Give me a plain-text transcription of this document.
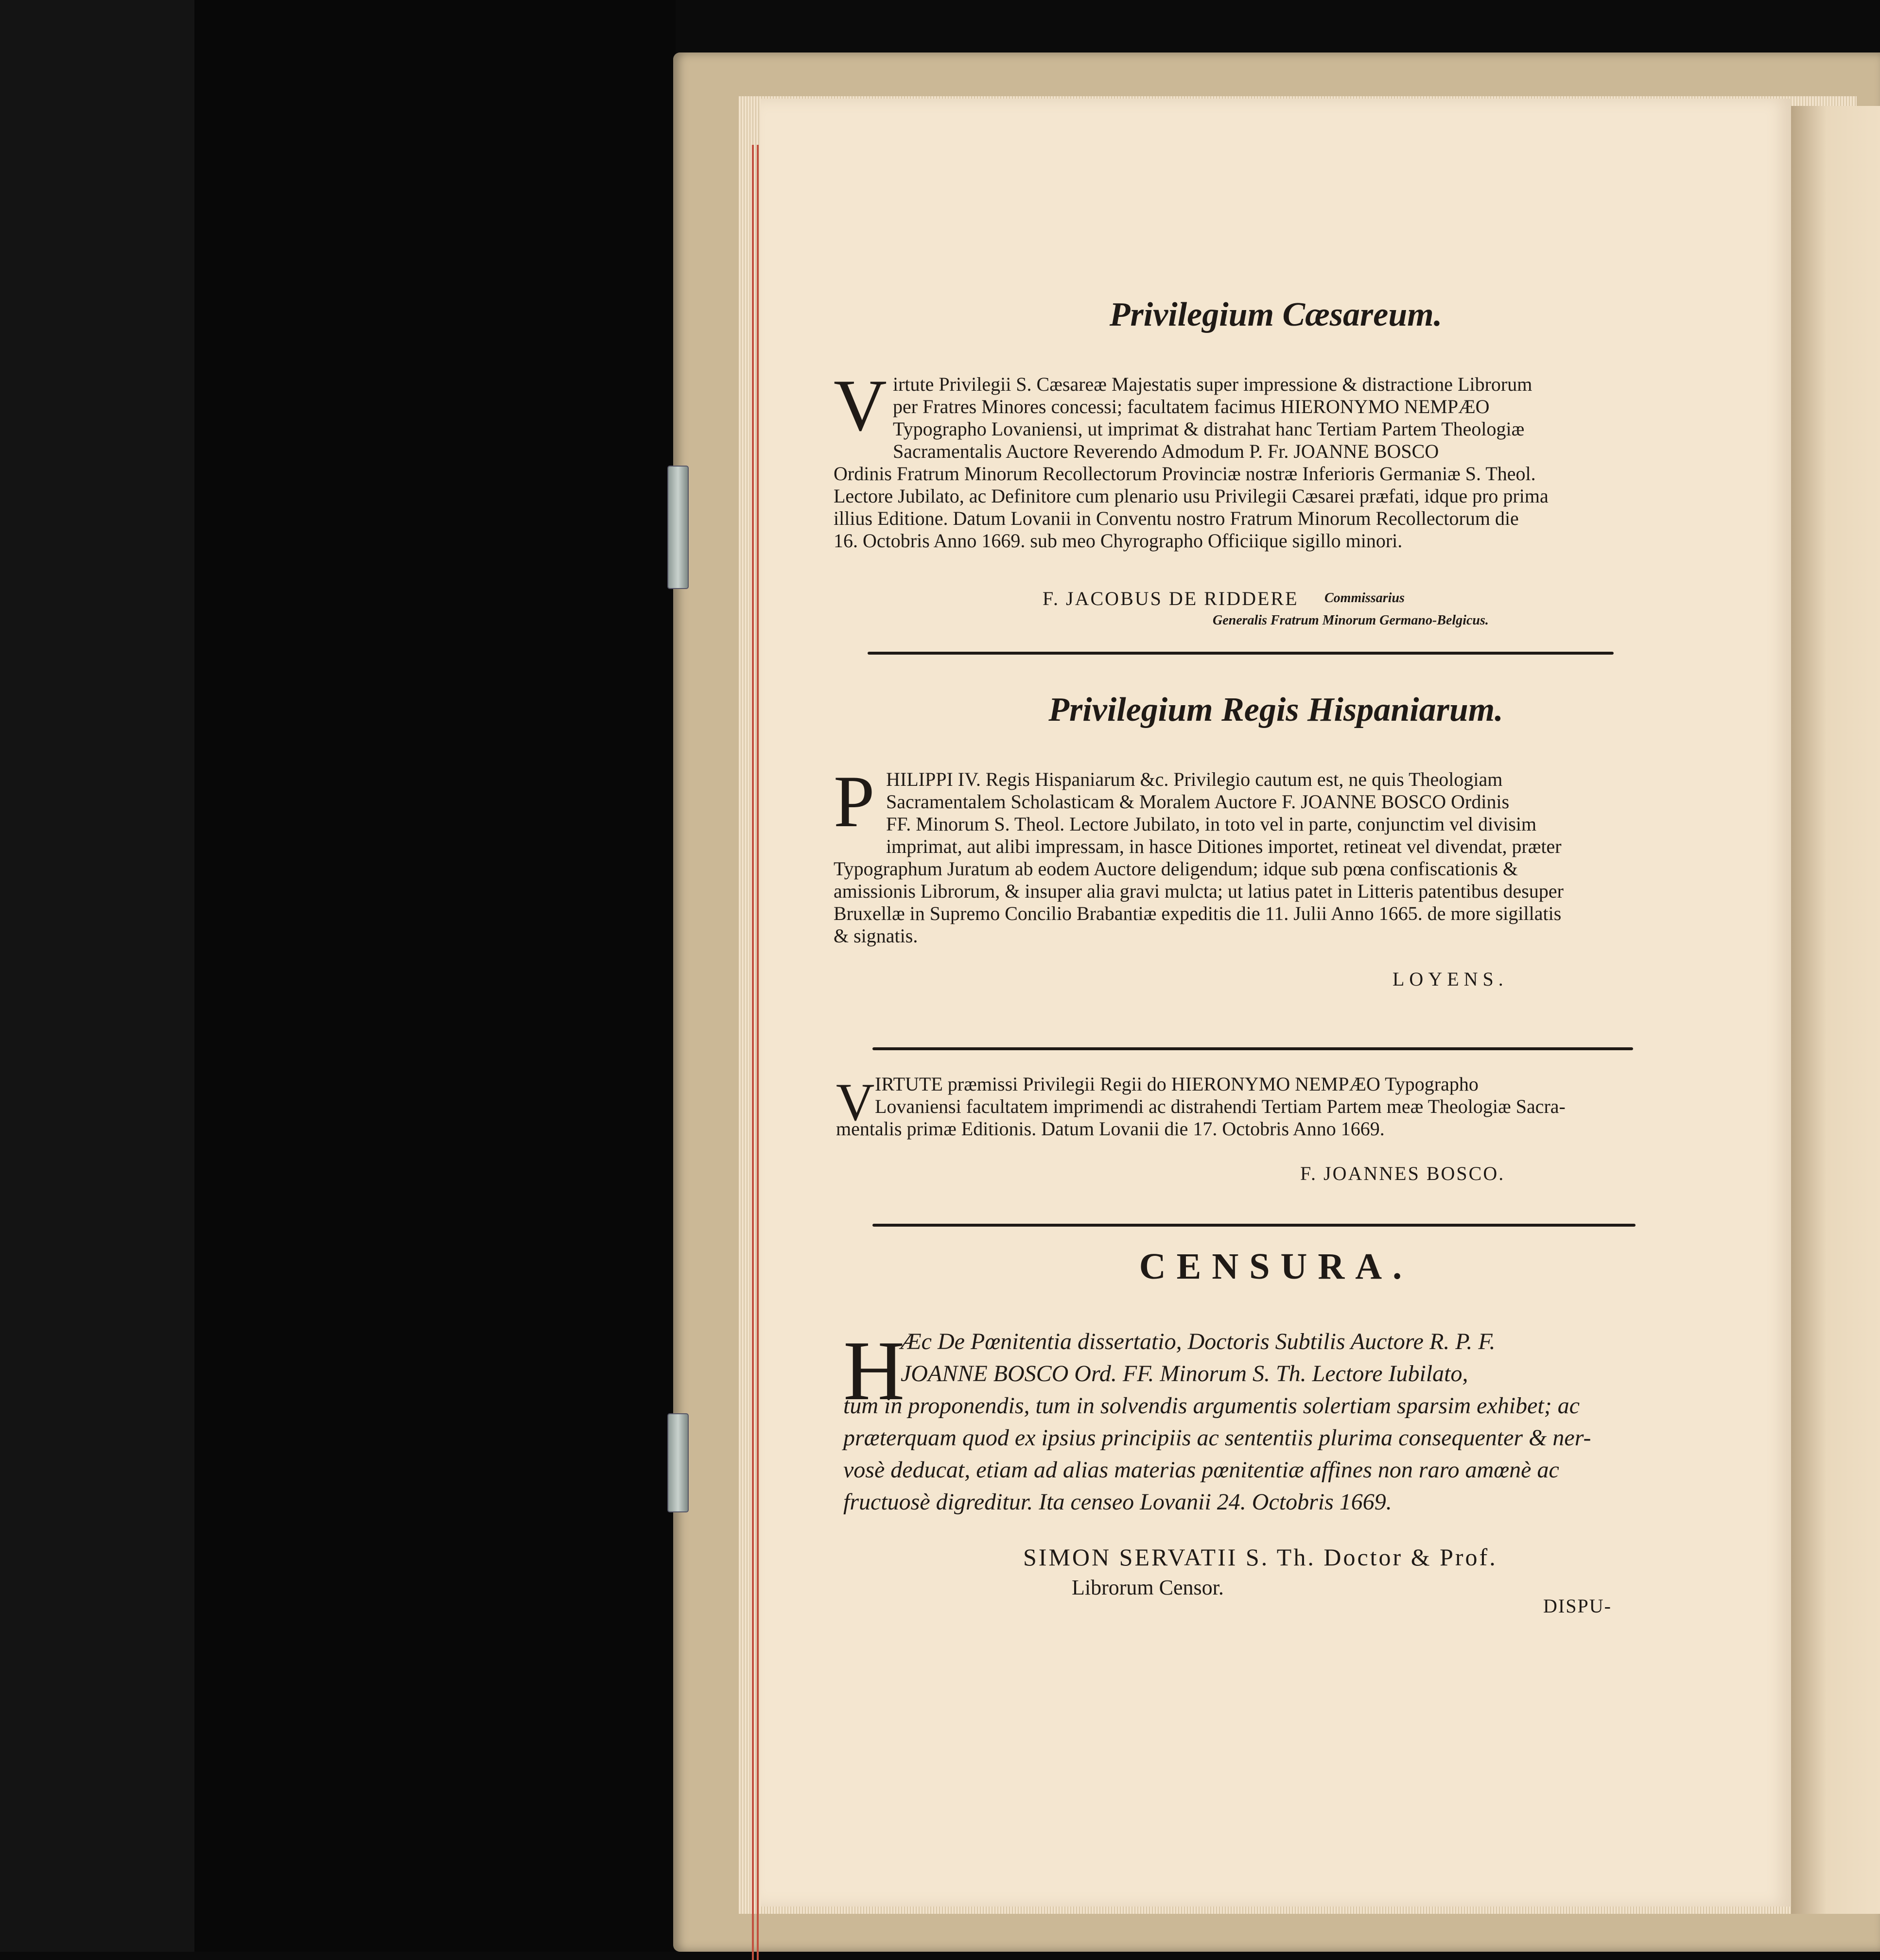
Privilegium Cæsareum.
V irtute Privilegii S. Cæsareæ Majestatis super impressione & distractione Librorum
per Fratres Minores concessi; facultatem facimus HIERONYMO NEMPÆO
Typographo Lovaniensi, ut imprimat & distrahat hanc Tertiam Partem Theologiæ
Sacramentalis Auctore Reverendo Admodum P. Fr. JOANNE BOSCO
Ordinis Fratrum Minorum Recollectorum Provinciæ nostræ Inferioris Germaniæ S. Theol.
Lectore Jubilato, ac Definitore cum plenario usu Privilegii Cæsarei præfati, idque pro prima
illius Editione. Datum Lovanii in Conventu nostro Fratrum Minorum Recollectorum die
16. Octobris Anno 1669. sub meo Chyrographo Officiique sigillo minori.
F. JACOBUS DE RIDDERE Commissarius
Generalis Fratrum Minorum Germano-Belgicus.
Privilegium Regis Hispaniarum.
P HILIPPI IV. Regis Hispaniarum &c. Privilegio cautum est, ne quis Theologiam
Sacramentalem Scholasticam & Moralem Auctore F. JOANNE BOSCO Ordinis
FF. Minorum S. Theol. Lectore Jubilato, in toto vel in parte, conjunctim vel divisim
imprimat, aut alibi impressam, in hasce Ditiones importet, retineat vel divendat, præter
Typographum Juratum ab eodem Auctore deligendum; idque sub pœna confiscationis &
amissionis Librorum, & insuper alia gravi mulcta; ut latius patet in Litteris patentibus desuper
Bruxellæ in Supremo Concilio Brabantiæ expeditis die 11. Julii Anno 1665. de more sigillatis
& signatis.
LOYENS.
V IRTUTE præmissi Privilegii Regii do HIERONYMO NEMPÆO Typographo
Lovaniensi facultatem imprimendi ac distrahendi Tertiam Partem meæ Theologiæ Sacra-
mentalis primæ Editionis. Datum Lovanii die 17. Octobris Anno 1669.
F. JOANNES BOSCO.
CENSURA.
H
Æc De Pœnitentia dissertatio, Doctoris Subtilis Auctore R. P. F.
JOANNE BOSCO Ord. FF. Minorum S. Th. Lectore Iubilato,
tum in proponendis, tum in solvendis argumentis solertiam sparsim exhibet; ac
præterquam quod ex ipsius principiis ac sententiis plurima consequenter & ner-
vosè deducat, etiam ad alias materias pœnitentiæ affines non raro amœnè ac
fructuosè digreditur. Ita censeo Lovanii 24. Octobris 1669.
SIMON SERVATII S. Th. Doctor & Prof.
Librorum Censor.
DISPU-
